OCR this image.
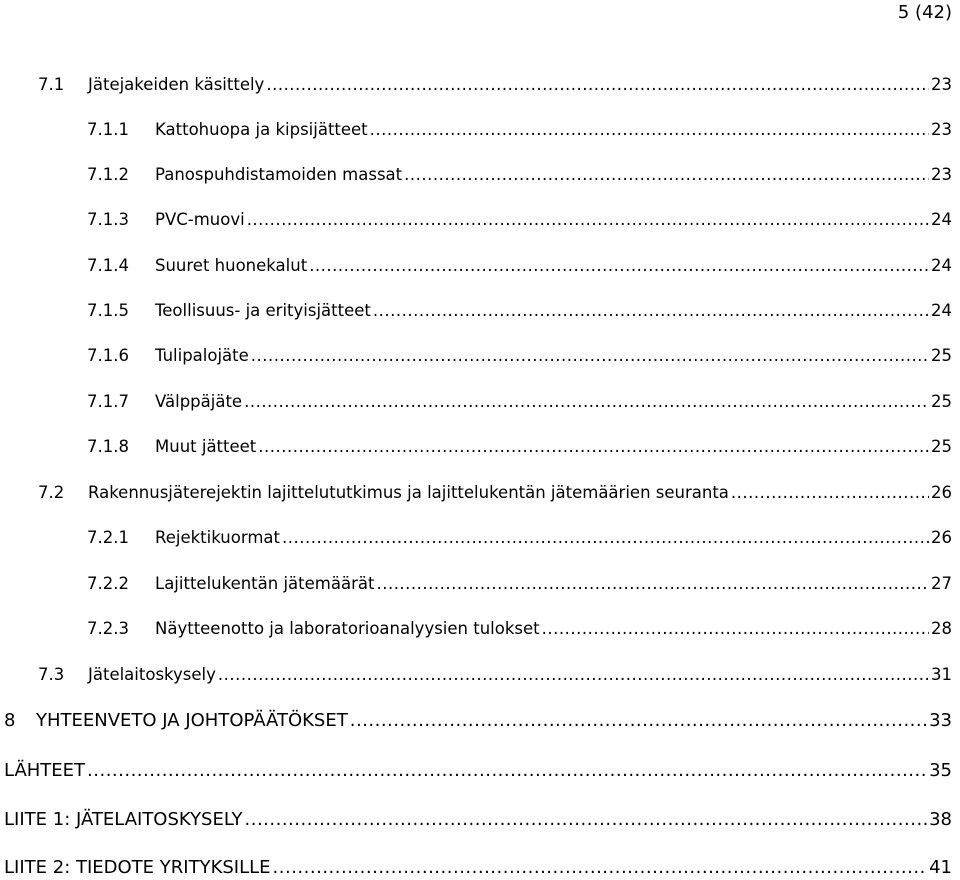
5 (42)
7.1	Jätejakeiden käsittely .....	23
7.1.1	Kattohuopa ja kipsijätteet .....	23
7.1.2	Panospuhdistamoiden massat .....	23
7.1.3	PVC-muovi .....	24
7.1.4	Suuret huonekalut .....	24
7.1.5	Teollisuus- ja erityisjätteet .....	24
7.1.6	Tulipalojäte .....	25
7.1.7	Välppäjäte .....	25
7.1.8	Muut jätteet .....	25
7.2	Rakennusjäterejektin lajittelututkimus ja lajittelukentän jätemäärien seuranta .....	26
7.2.1	Rejektikuormat .....	26
7.2.2	Lajittelukentän jätemäärät .....	27
7.2.3	Näytteenotto ja laboratorioanalyysien tulokset .....	28
7.3	Jätelaitoskysely .....	31
8	YHTEENVETO JA JOHTOPÄÄTÖKSET .....	33
LÄHTEET .....	35
LIITE 1: JÄTELAITOSKYSELY .....	38
LIITE 2: TIEDOTE YRITYKSILLE .....	41
